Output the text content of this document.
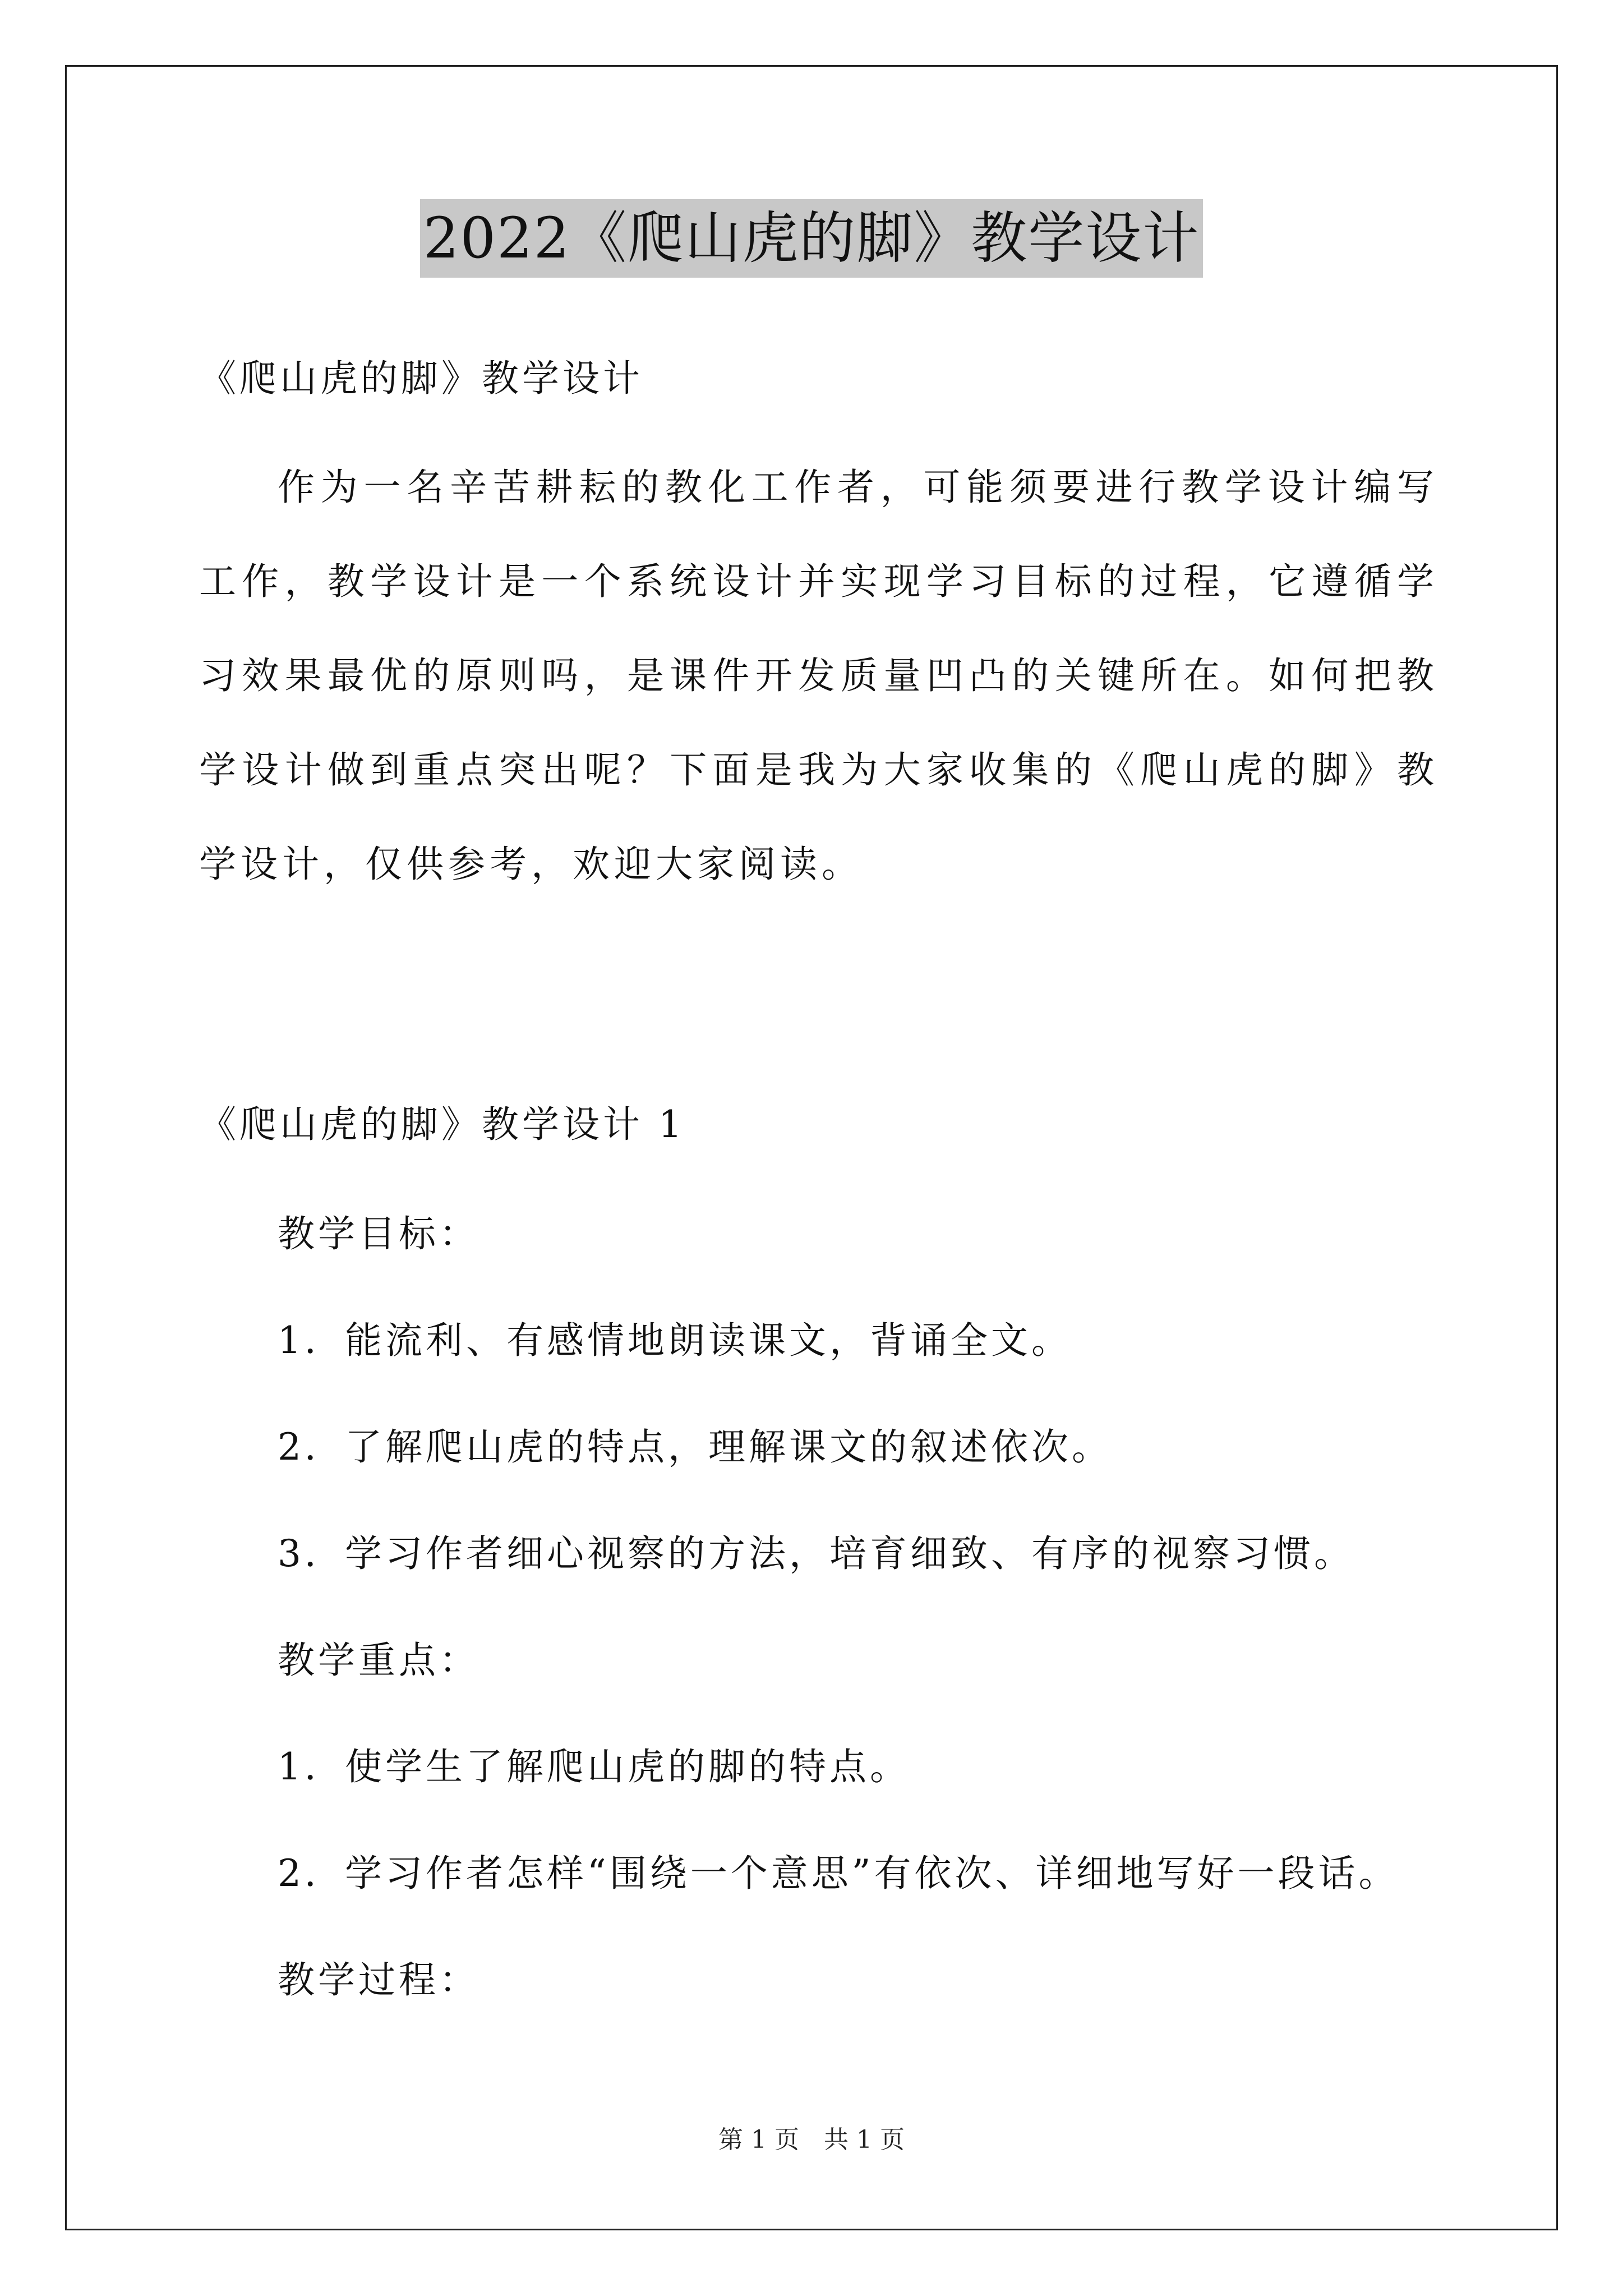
2022《爬山虎的脚》教学设计
《爬山虎的脚》教学设计
作为一名辛苦耕耘的教化工作者，可能须要进行教学设计编写工作，教学设计是一个系统设计并实现学习目标的过程，它遵循学习效果最优的原则吗，是课件开发质量凹凸的关键所在。如何把教学设计做到重点突出呢？下面是我为大家收集的《爬山虎的脚》教学设计，仅供参考，欢迎大家阅读。
《爬山虎的脚》教学设计 1
教学目标：
1．能流利、有感情地朗读课文，背诵全文。
2．了解爬山虎的特点，理解课文的叙述依次。
3．学习作者细心视察的方法，培育细致、有序的视察习惯。
教学重点：
1．使学生了解爬山虎的脚的特点。
2．学习作者怎样“围绕一个意思”有依次、详细地写好一段话。
教学过程：
第 1 页　共 1 页
